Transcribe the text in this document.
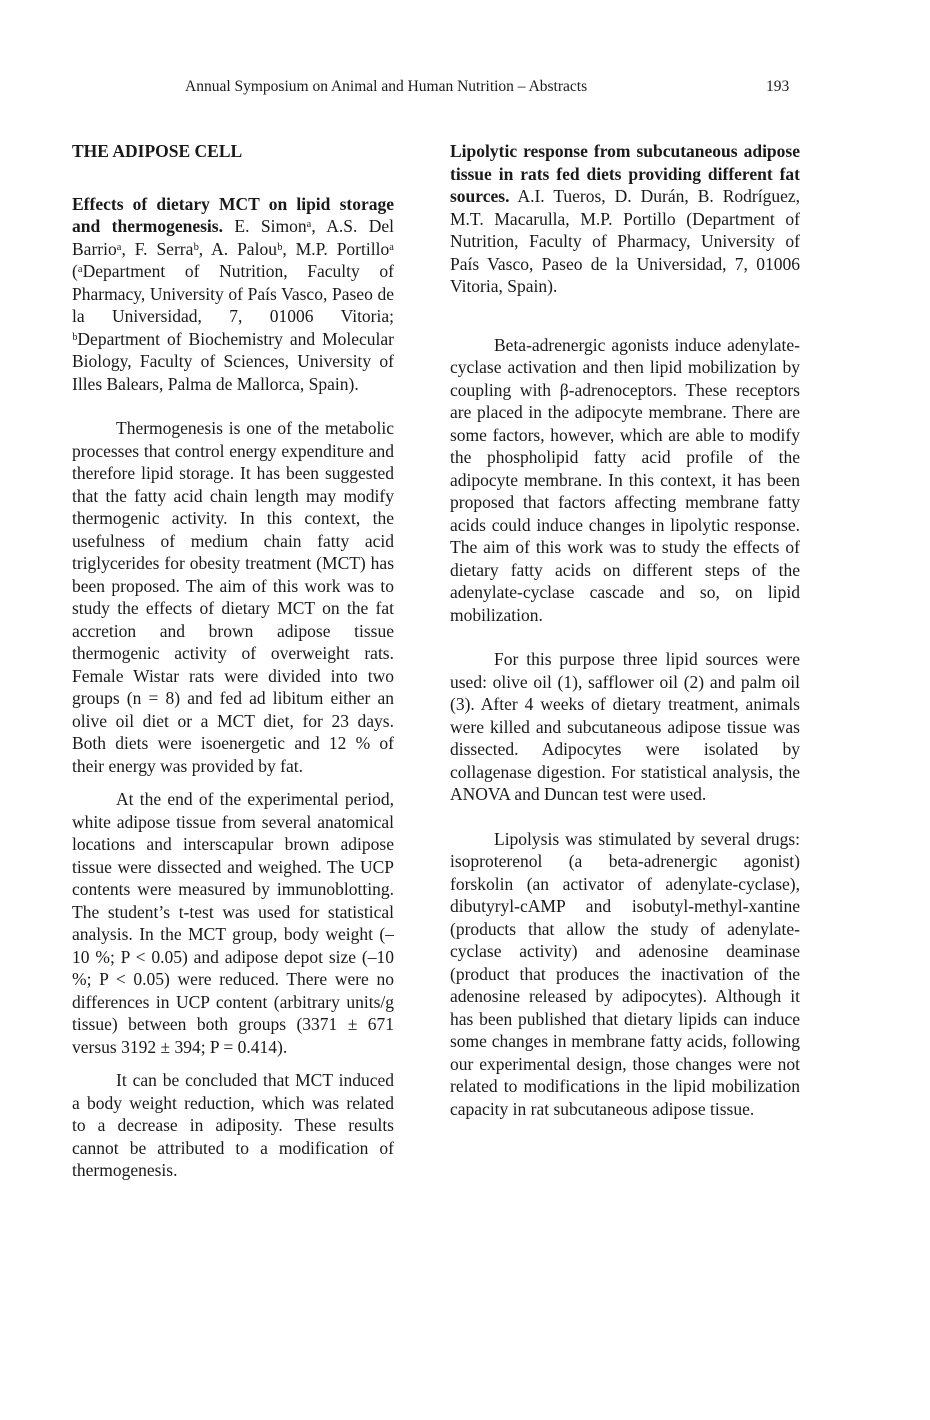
Annual Symposium on Animal and Human Nutrition – Abstracts	193
THE ADIPOSE CELL

Effects of dietary MCT on lipid storage and thermogenesis. E. Simonᵃ, A.S. Del Barrioᵃ, F. Serraᵇ, A. Palouᵇ, M.P. Portilloᵃ (ᵃDepartment of Nutrition, Faculty of Pharmacy, University of País Vasco, Paseo de la Universidad, 7, 01006 Vitoria; ᵇDepartment of Biochemistry and Molecular Biology, Faculty of Sciences, University of Illes Balears, Palma de Mallorca, Spain).

Thermogenesis is one of the metabolic processes that control energy expenditure and therefore lipid storage. It has been suggested that the fatty acid chain length may modify thermogenic activity. In this context, the usefulness of medium chain fatty acid triglycerides for obesity treatment (MCT) has been proposed. The aim of this work was to study the effects of dietary MCT on the fat accretion and brown adipose tissue thermogenic activity of overweight rats. Female Wistar rats were divided into two groups (n = 8) and fed ad libitum either an olive oil diet or a MCT diet, for 23 days. Both diets were isoenergetic and 12 % of their energy was provided by fat.

At the end of the experimental period, white adipose tissue from several anatomical locations and interscapular brown adipose tissue were dissected and weighed. The UCP contents were measured by immunoblotting. The student’s t-test was used for statistical analysis. In the MCT group, body weight (–10 %; P < 0.05) and adipose depot size (–10 %; P < 0.05) were reduced. There were no differences in UCP content (arbitrary units/g tissue) between both groups (3371 ± 671 versus 3192 ± 394; P = 0.414).

It can be concluded that MCT induced a body weight reduction, which was related to a decrease in adiposity. These results cannot be attributed to a modification of thermogenesis.

Lipolytic response from subcutaneous adipose tissue in rats fed diets providing different fat sources. A.I. Tueros, D. Durán, B. Rodríguez, M.T. Macarulla, M.P. Portillo (Department of Nutrition, Faculty of Pharmacy, University of País Vasco, Paseo de la Universidad, 7, 01006 Vitoria, Spain).

Beta-adrenergic agonists induce adenylate-cyclase activation and then lipid mobilization by coupling with β-adrenoceptors. These receptors are placed in the adipocyte membrane. There are some factors, however, which are able to modify the phospholipid fatty acid profile of the adipocyte membrane. In this context, it has been proposed that factors affecting membrane fatty acids could induce changes in lipolytic response. The aim of this work was to study the effects of dietary fatty acids on different steps of the adenylate-cyclase cascade and so, on lipid mobilization.

For this purpose three lipid sources were used: olive oil (1), safflower oil (2) and palm oil (3). After 4 weeks of dietary treatment, animals were killed and subcutaneous adipose tissue was dissected. Adipocytes were isolated by collagenase digestion. For statistical analysis, the ANOVA and Duncan test were used.

Lipolysis was stimulated by several drugs: isoproterenol (a beta-adrenergic agonist) forskolin (an activator of adenylate-cyclase), dibutyryl-cAMP and isobutyl-methyl-xantine (products that allow the study of adenylate-cyclase activity) and adenosine deaminase (product that produces the inactivation of the adenosine released by adipocytes). Although it has been published that dietary lipids can induce some changes in membrane fatty acids, following our experimental design, those changes were not related to modifications in the lipid mobilization capacity in rat subcutaneous adipose tissue.
